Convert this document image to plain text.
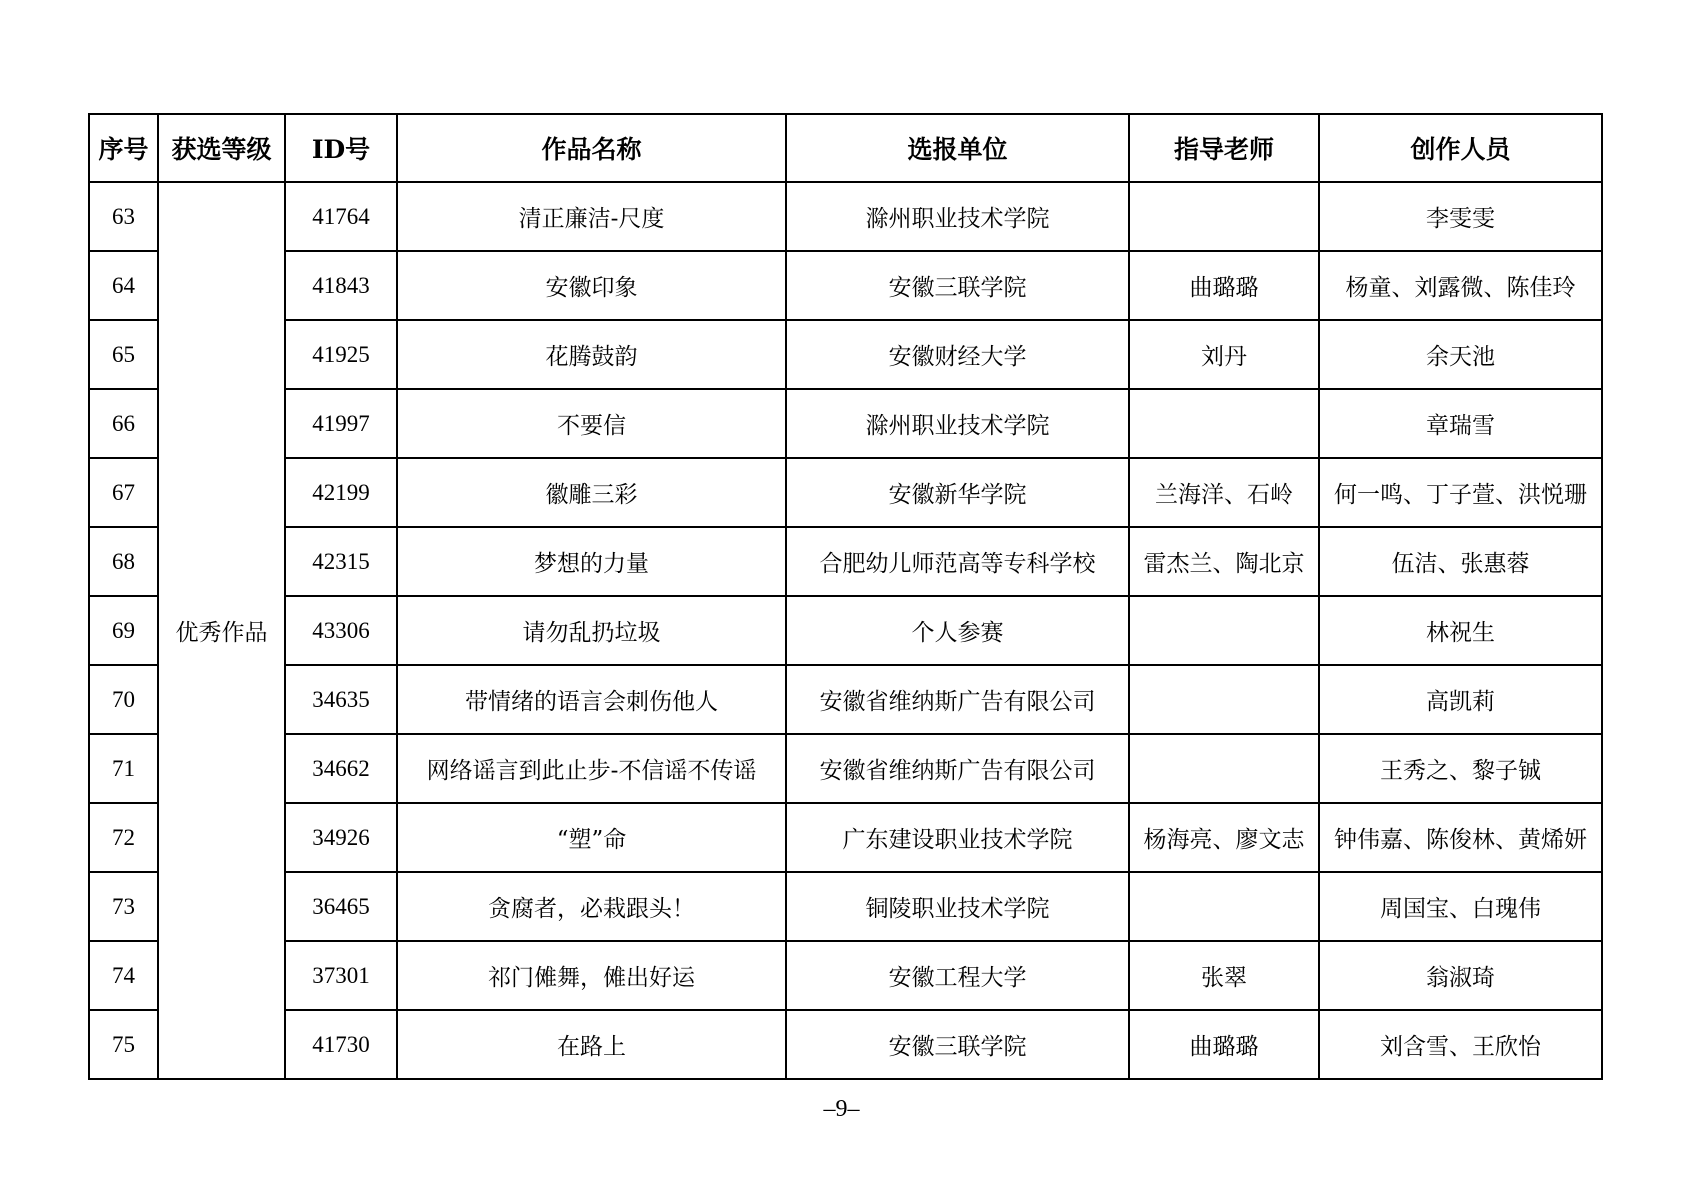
序号	获选等级	ID号	作品名称	选报单位	指导老师	创作人员
63	优秀作品	41764	清正廉洁-尺度	滁州职业技术学院		李雯雯
64		41843	安徽印象	安徽三联学院	曲璐璐	杨童、刘露微、陈佳玲
65		41925	花腾鼓韵	安徽财经大学	刘丹	余天池
66		41997	不要信	滁州职业技术学院		章瑞雪
67		42199	徽雕三彩	安徽新华学院	兰海洋、石岭	何一鸣、丁子萱、洪悦珊
68		42315	梦想的力量	合肥幼儿师范高等专科学校	雷杰兰、陶北京	伍洁、张惠蓉
69		43306	请勿乱扔垃圾	个人参赛		林祝生
70		34635	带情绪的语言会刺伤他人	安徽省维纳斯广告有限公司		高凯莉
71		34662	网络谣言到此止步-不信谣不传谣	安徽省维纳斯广告有限公司		王秀之、黎子铖
72		34926	“塑”命	广东建设职业技术学院	杨海亮、廖文志	钟伟嘉、陈俊林、黄烯妍
73		36465	贪腐者，必栽跟头！	铜陵职业技术学院		周国宝、白瑰伟
74		37301	祁门傩舞，傩出好运	安徽工程大学	张翠	翁淑琦
75		41730	在路上	安徽三联学院	曲璐璐	刘含雪、王欣怡
–9–
